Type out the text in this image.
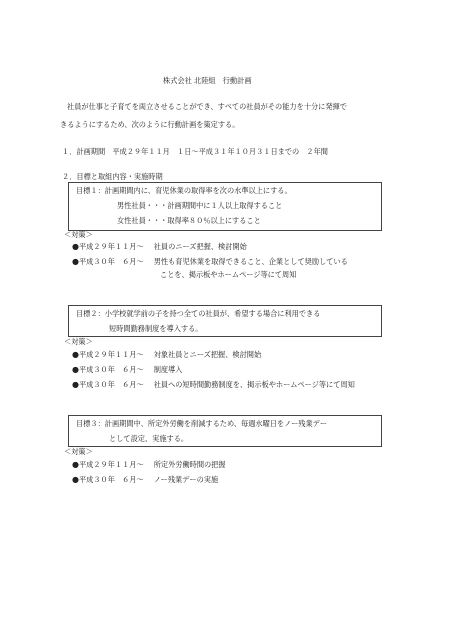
株式会社 北陸組　行動計画
社員が仕事と子育てを両立させることができ、すべての社員がその能力を十分に発揮で
きるようにするため、次のように行動計画を策定する。
１．計画期間　平成２９年１１月　１日～平成３１年１０月３１日までの　２年間
２．目標と取組内容・実施時期
目標１：計画期間内に、育児休業の取得率を次の水準以上にする。
男性社員・・・計画期間中に１人以上取得すること
女性社員・・・取得率８０％以上にすること
＜対策＞
●平成２９年１１月～ 社員のニーズ把握、検討開始
●平成３０年　６月～ 男性も育児休業を取得できること、企業として奨励している
ことを、掲示板やホームページ等にて周知
目標２：小学校就学前の子を持つ全ての社員が、希望する場合に利用できる
短時間勤務制度を導入する。
＜対策＞
●平成２９年１１月～ 対象社員とニーズ把握、検討開始
●平成３０年　６月～ 制度導入
●平成３０年　６月～ 社員への短時間勤務制度を、掲示板やホームページ等にて周知
目標３：計画期間中、所定外労働を削減するため、毎週水曜日をノー残業デー
として設定、実施する。
＜対策＞
●平成２９年１１月～ 所定外労働時間の把握
●平成３０年　６月～ ノー残業デーの実施
